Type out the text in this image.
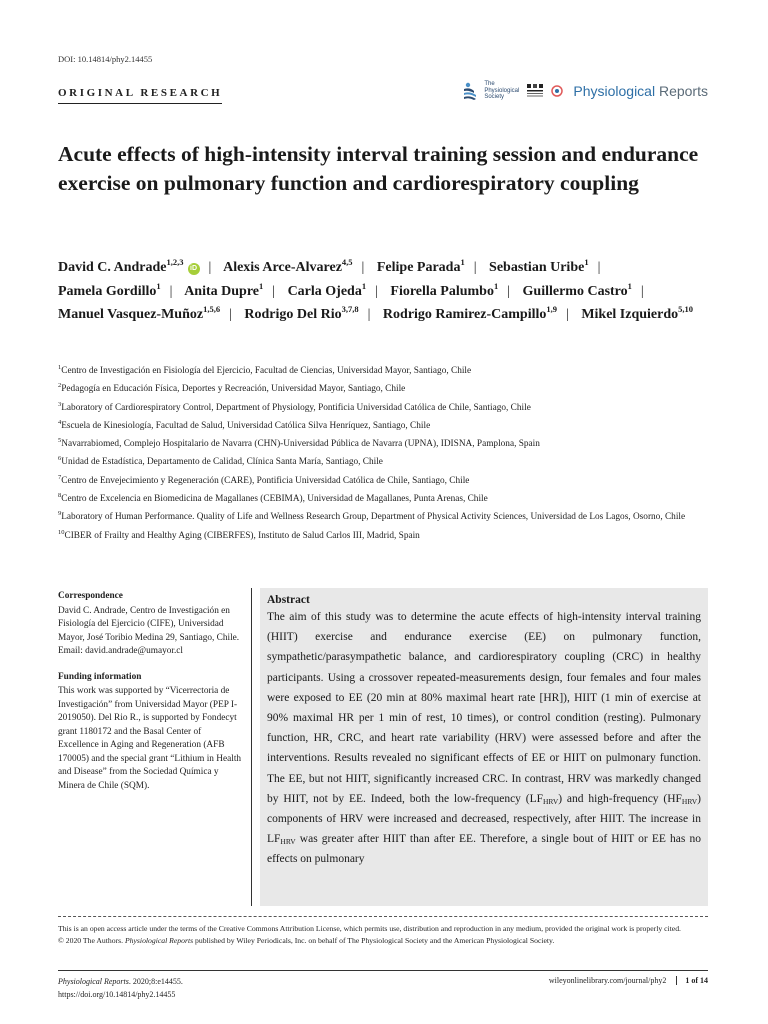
DOI: 10.14814/phy2.14455
ORIGINAL RESEARCH
The
Physiological
Society	Physiological Reports
Acute effects of high-intensity interval training session and endurance exercise on pulmonary function and cardiorespiratory coupling
David C. Andrade$^{1,2,3}$iD | Alexis Arce-Alvarez$^{4,5}$ | Felipe Parada$^1$ | Sebastian Uribe$^1$ | Pamela Gordillo$^1$ | Anita Dupre$^1$ | Carla Ojeda$^1$ | Fiorella Palumbo$^1$ | Guillermo Castro$^1$ | Manuel Vasquez-Muñoz$^{1,5,6}$ | Rodrigo Del Rio$^{3,7,8}$ | Rodrigo Ramirez-Campillo$^{1,9}$ | Mikel Izquierdo$^{5,10}$
$^1$Centro de Investigación en Fisiología del Ejercicio, Facultad de Ciencias, Universidad Mayor, Santiago, Chile
$^2$Pedagogía en Educación Física, Deportes y Recreación, Universidad Mayor, Santiago, Chile
$^3$Laboratory of Cardiorespiratory Control, Department of Physiology, Pontificia Universidad Católica de Chile, Santiago, Chile
$^4$Escuela de Kinesiología, Facultad de Salud, Universidad Católica Silva Henríquez, Santiago, Chile
$^5$Navarrabiomed, Complejo Hospitalario de Navarra (CHN)-Universidad Pública de Navarra (UPNA), IDISNA, Pamplona, Spain
$^6$Unidad de Estadística, Departamento de Calidad, Clínica Santa María, Santiago, Chile
$^7$Centro de Envejecimiento y Regeneración (CARE), Pontificia Universidad Católica de Chile, Santiago, Chile
$^8$Centro de Excelencia en Biomedicina de Magallanes (CEBIMA), Universidad de Magallanes, Punta Arenas, Chile
$^9$Laboratory of Human Performance. Quality of Life and Wellness Research Group, Department of Physical Activity Sciences, Universidad de Los Lagos, Osorno, Chile
$^{10}$CIBER of Frailty and Healthy Aging (CIBERFES), Instituto de Salud Carlos III, Madrid, Spain
Correspondence
David C. Andrade, Centro de Investigación en Fisiología del Ejercicio (CIFE), Universidad Mayor, José Toribio Medina 29, Santiago, Chile.
Email: david.andrade@umayor.cl
Funding information
This work was supported by “Vicerrectoria de Investigación” from Universidad Mayor (PEP I-2019050). Del Rio R., is supported by Fondecyt grant 1180172 and the Basal Center of Excellence in Aging and Regeneration (AFB 170005) and the special grant “Lithium in Health and Disease” from the Sociedad Química y Minera de Chile (SQM).
Abstract
The aim of this study was to determine the acute effects of high-intensity interval training (HIIT) exercise and endurance exercise (EE) on pulmonary function, sympathetic/parasympathetic balance, and cardiorespiratory coupling (CRC) in healthy participants. Using a crossover repeated-measurements design, four females and four males were exposed to EE (20 min at 80% maximal heart rate [HR]), HIIT (1 min of exercise at 90% maximal HR per 1 min of rest, 10 times), or control condition (resting). Pulmonary function, HR, CRC, and heart rate variability (HRV) were assessed before and after the interventions. Results revealed no significant effects of EE or HIIT on pulmonary function. The EE, but not HIIT, significantly increased CRC. In contrast, HRV was markedly changed by HIIT, not by EE. Indeed, both the low-frequency $(LF_{HRV})$ and high-frequency $(HF_{HRV})$ components of HRV were increased and decreased, respectively, after HIIT. The increase in $LF_{HRV}$ was greater after HIIT than after EE. Therefore, a single bout of HIIT or EE has no effects on pulmonary
This is an open access article under the terms of the Creative Commons Attribution License, which permits use, distribution and reproduction in any medium, provided the original work is properly cited.
© 2020 The Authors. Physiological Reports published by Wiley Periodicals, Inc. on behalf of The Physiological Society and the American Physiological Society.
Physiological Reports. 2020;8:e14455.
https://doi.org/10.14814/phy2.14455
wileyonlinelibrary.com/journal/phy2	1 of 14
